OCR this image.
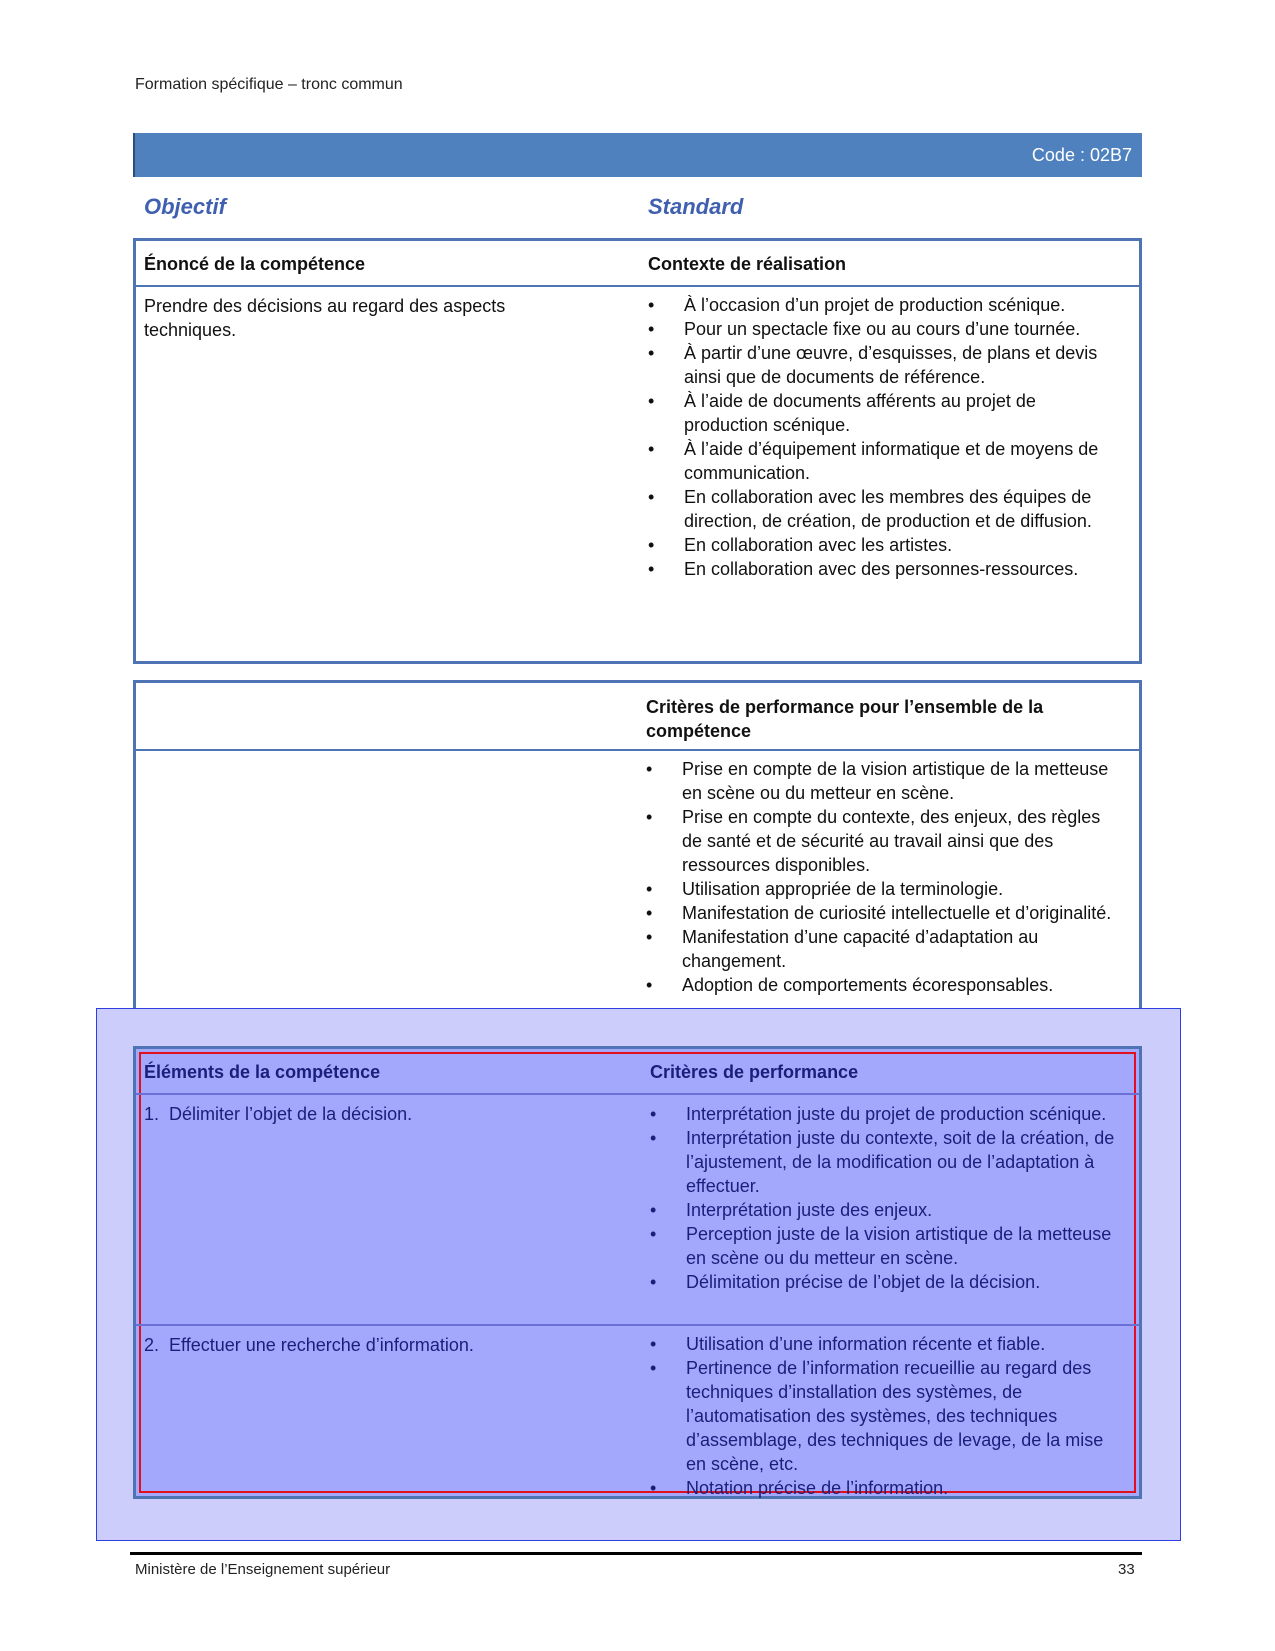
Formation spécifique – tronc commun
Code : 02B7
Objectif	Standard
Énoncé de la compétence	Contexte de réalisation
Prendre des décisions au regard des aspects techniques.
•	À l’occasion d’un projet de production scénique.
•	Pour un spectacle fixe ou au cours d’une tournée.
•	À partir d’une œuvre, d’esquisses, de plans et devis ainsi que de documents de référence.
•	À l’aide de documents afférents au projet de production scénique.
•	À l’aide d’équipement informatique et de moyens de communication.
•	En collaboration avec les membres des équipes de direction, de création, de production et de diffusion.
•	En collaboration avec les artistes.
•	En collaboration avec des personnes-ressources.
Critères de performance pour l’ensemble de la compétence
•	Prise en compte de la vision artistique de la metteuse en scène ou du metteur en scène.
•	Prise en compte du contexte, des enjeux, des règles de santé et de sécurité au travail ainsi que des ressources disponibles.
•	Utilisation appropriée de la terminologie.
•	Manifestation de curiosité intellectuelle et d’originalité.
•	Manifestation d’une capacité d’adaptation au changement.
•	Adoption de comportements écoresponsables.
Éléments de la compétence	Critères de performance
1.  Délimiter l’objet de la décision.	•	Interprétation juste du projet de production scénique.
•	Interprétation juste du contexte, soit de la création, de l’ajustement, de la modification ou de l’adaptation à effectuer.
•	Interprétation juste des enjeux.
•	Perception juste de la vision artistique de la metteuse en scène ou du metteur en scène.
•	Délimitation précise de l’objet de la décision.
2.  Effectuer une recherche d’information.	•	Utilisation d’une information récente et fiable.
•	Pertinence de l’information recueillie au regard des techniques d’installation des systèmes, de l’automatisation des systèmes, des techniques d’assemblage, des techniques de levage, de la mise en scène, etc.
•	Notation précise de l’information.
Ministère de l’Enseignement supérieur	33
